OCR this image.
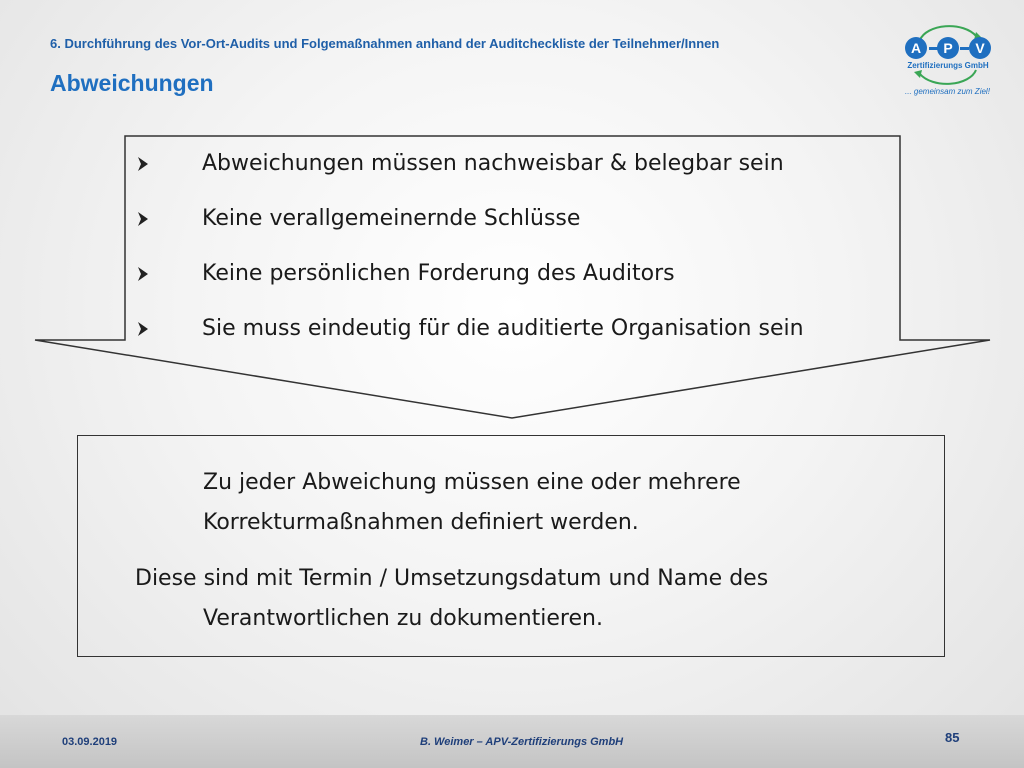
6. Durchführung des Vor-Ort-Audits und Folgemaßnahmen anhand der Auditcheckliste der Teilnehmer/Innen
Abweichungen
A P V
Zertifizierungs GmbH
... gemeinsam zum Ziel!
Abweichungen müssen nachweisbar & belegbar sein
Keine verallgemeinernde Schlüsse
Keine persönlichen Forderung des Auditors
Sie muss eindeutig für die auditierte Organisation sein
Zu jeder Abweichung müssen eine oder mehrere
Korrekturmaßnahmen definiert werden.
Diese sind mit Termin / Umsetzungsdatum und Name des
Verantwortlichen zu dokumentieren.
03.09.2019	B. Weimer – APV-Zertifizierungs GmbH	85
